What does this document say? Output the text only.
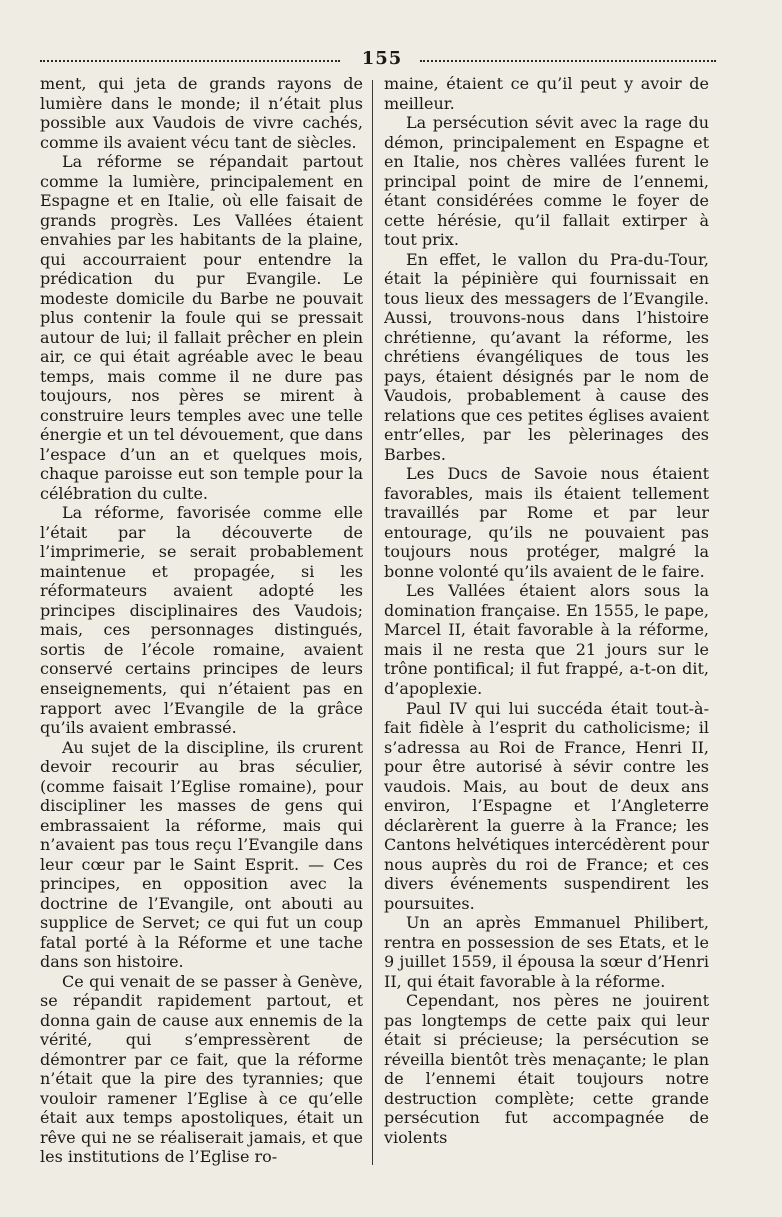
155

ment, qui jeta de grands rayons de lumière dans le monde; il n’était plus possible aux Vaudois de vivre cachés, comme ils avaient vécu tant de siècles.

La réforme se répandait partout comme la lumière, principalement en Espagne et en Italie, où elle faisait de grands progrès. Les Vallées étaient envahies par les habitants de la plaine, qui accourraient pour entendre la prédication du pur Evangile. Le modeste domicile du Barbe ne pouvait plus contenir la foule qui se pressait autour de lui; il fallait prêcher en plein air, ce qui était agréable avec le beau temps, mais comme il ne dure pas toujours, nos pères se mirent à construire leurs temples avec une telle énergie et un tel dévouement, que dans l’espace d’un an et quelques mois, chaque paroisse eut son temple pour la célébration du culte.

La réforme, favorisée comme elle l’était par la découverte de l’imprimerie, se serait probablement maintenue et propagée, si les réformateurs avaient adopté les principes disciplinaires des Vaudois; mais, ces personnages distingués, sortis de l’école romaine, avaient conservé certains principes de leurs enseignements, qui n’étaient pas en rapport avec l’Evangile de la grâce qu’ils avaient embrassé.

Au sujet de la discipline, ils crurent devoir recourir au bras séculier, (comme faisait l’Eglise romaine), pour discipliner les masses de gens qui embrassaient la réforme, mais qui n’avaient pas tous reçu l’Evangile dans leur cœur par le Saint Esprit. — Ces principes, en opposition avec la doctrine de l’Evangile, ont abouti au supplice de Servet; ce qui fut un coup fatal porté à la Réforme et une tache dans son histoire.

Ce qui venait de se passer à Genève, se répandit rapidement partout, et donna gain de cause aux ennemis de la vérité, qui s’empressèrent de démontrer par ce fait, que la réforme n’était que la pire des tyrannies; que vouloir ramener l’Eglise à ce qu’elle était aux temps apostoliques, était un rêve qui ne se réaliserait jamais, et que les institutions de l’Eglise ro-

maine, étaient ce qu’il peut y avoir de meilleur.

La persécution sévit avec la rage du démon, principalement en Espagne et en Italie, nos chères vallées furent le principal point de mire de l’ennemi, étant considérées comme le foyer de cette hérésie, qu’il fallait extirper à tout prix.

En effet, le vallon du Pra-du-Tour, était la pépinière qui fournissait en tous lieux des messagers de l’Evangile. Aussi, trouvons-nous dans l’histoire chrétienne, qu’avant la réforme, les chrétiens évangéliques de tous les pays, étaient désignés par le nom de Vaudois, probablement à cause des relations que ces petites églises avaient entr’elles, par les pèlerinages des Barbes.

Les Ducs de Savoie nous étaient favorables, mais ils étaient tellement travaillés par Rome et par leur entourage, qu’ils ne pouvaient pas toujours nous protéger, malgré la bonne volonté qu’ils avaient de le faire.

Les Vallées étaient alors sous la domination française. En 1555, le pape, Marcel II, était favorable à la réforme, mais il ne resta que 21 jours sur le trône pontifical; il fut frappé, a-t-on dit, d’apoplexie.

Paul IV qui lui succéda était tout-à-fait fidèle à l’esprit du catholicisme; il s’adressa au Roi de France, Henri II, pour être autorisé à sévir contre les vaudois. Mais, au bout de deux ans environ, l’Espagne et l’Angleterre déclarèrent la guerre à la France; les Cantons helvétiques intercédèrent pour nous auprès du roi de France; et ces divers événements suspendirent les poursuites.

Un an après Emmanuel Philibert, rentra en possession de ses Etats, et le 9 juillet 1559, il épousa la sœur d’Henri II, qui était favorable à la réforme.

Cependant, nos pères ne jouirent pas longtemps de cette paix qui leur était si précieuse; la persécution se réveilla bientôt très menaçante; le plan de l’ennemi était toujours notre destruction complète; cette grande persécution fut accompagnée de violents
